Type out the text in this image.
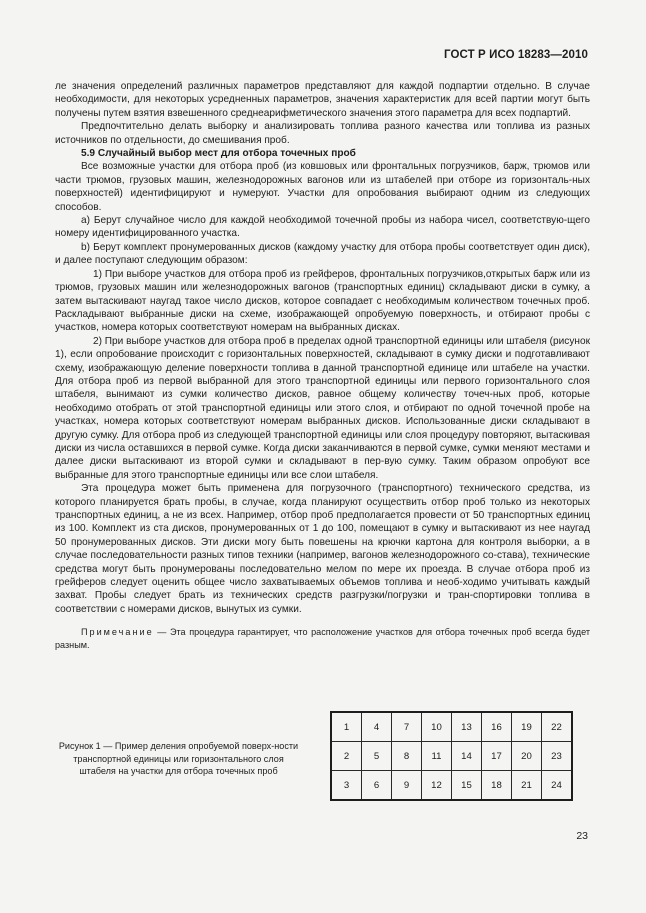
ГОСТ Р ИСО 18283—2010

ле значения определений различных параметров представляют для каждой подпартии отдельно. В случае необходимости, для некоторых усредненных параметров, значения характеристик для всей партии могут быть получены путем взятия взвешенного среднеарифметического значения этого параметра для всех подпартий.

Предпочтительно делать выборку и анализировать топлива разного качества или топлива из разных источников по отдельности, до смешивания проб.

5.9 Случайный выбор мест для отбора точечных проб

Все возможные участки для отбора проб (из ковшовых или фронтальных погрузчиков, барж, трюмов или части трюмов, грузовых машин, железнодорожных вагонов или из штабелей при отборе из горизонталь-ных поверхностей) идентифицируют и нумеруют. Участки для опробования выбирают одним из следующих способов.

a) Берут случайное число для каждой необходимой точечной пробы из набора чисел, соответствую-щего номеру идентифицированного участка.

b) Берут комплект пронумерованных дисков (каждому участку для отбора пробы соответствует один диск), и далее поступают следующим образом:

1) При выборе участков для отбора проб из грейферов, фронтальных погрузчиков,открытых барж или из трюмов, грузовых машин или железнодорожных вагонов (транспортных единиц) складывают диски в сумку, а затем вытаскивают наугад такое число дисков, которое совпадает с необходимым количеством точечных проб. Раскладывают выбранные диски на схеме, изображающей опробуемую поверхность, и отбирают пробы с участков, номера которых соответствуют номерам на выбранных дисках.

2) При выборе участков для отбора проб в пределах одной транспортной единицы или штабеля (рисунок 1), если опробование происходит с горизонтальных поверхностей, складывают в сумку диски и подготавливают схему, изображающую деление поверхности топлива в данной транспортной единице или штабеле на участки. Для отбора проб из первой выбранной для этого транспортной единицы или первого горизонтального слоя штабеля, вынимают из сумки количество дисков, равное общему количеству точеч-ных проб, которые необходимо отобрать от этой транспортной единицы или этого слоя, и отбирают по одной точечной пробе на участках, номера которых соответствуют номерам выбранных дисков. Использованные диски складывают в другую сумку. Для отбора проб из следующей транспортной единицы или слоя процедуру повторяют, вытаскивая диски из числа оставшихся в первой сумке. Когда диски заканчиваются в первой сумке, сумки меняют местами и далее диски вытаскивают из второй сумки и складывают в пер-вую сумку. Таким образом опробуют все выбранные для этого транспортные единицы или все слои штабеля.

Эта процедура может быть применена для погрузочного (транспортного) технического средства, из которого планируется брать пробы, в случае, когда планируют осуществить отбор проб только из некоторых транспортных единиц, а не из всех. Например, отбор проб предполагается провести от 50 транспортных единиц из 100. Комплект из ста дисков, пронумерованных от 1 до 100, помещают в сумку и вытаскивают из нее наугад 50 пронумерованных дисков. Эти диски могу быть повешены на крючки картона для контроля выборки, а в случае последовательности разных типов техники (например, вагонов железнодорожного со-става), технические средства могут быть пронумерованы последовательно мелом по мере их проезда. В случае отбора проб из грейферов следует оценить общее число захватываемых объемов топлива и необ-ходимо учитывать каждый захват. Пробы следует брать из технических средств разгрузки/погрузки и тран-спортировки топлива в соответствии с номерами дисков, вынутых из сумки.

Примечание — Эта процедура гарантирует, что расположение участков для отбора точечных проб всегда будет разным.

Рисунок 1 — Пример деления опробуемой поверх-ности транспортной единицы или горизонтального слоя штабеля на участки для отбора точечных проб
1	4	7	10	13	16	19	22
2	5	8	11	14	17	20	23
3	6	9	12	15	18	21	24
23
